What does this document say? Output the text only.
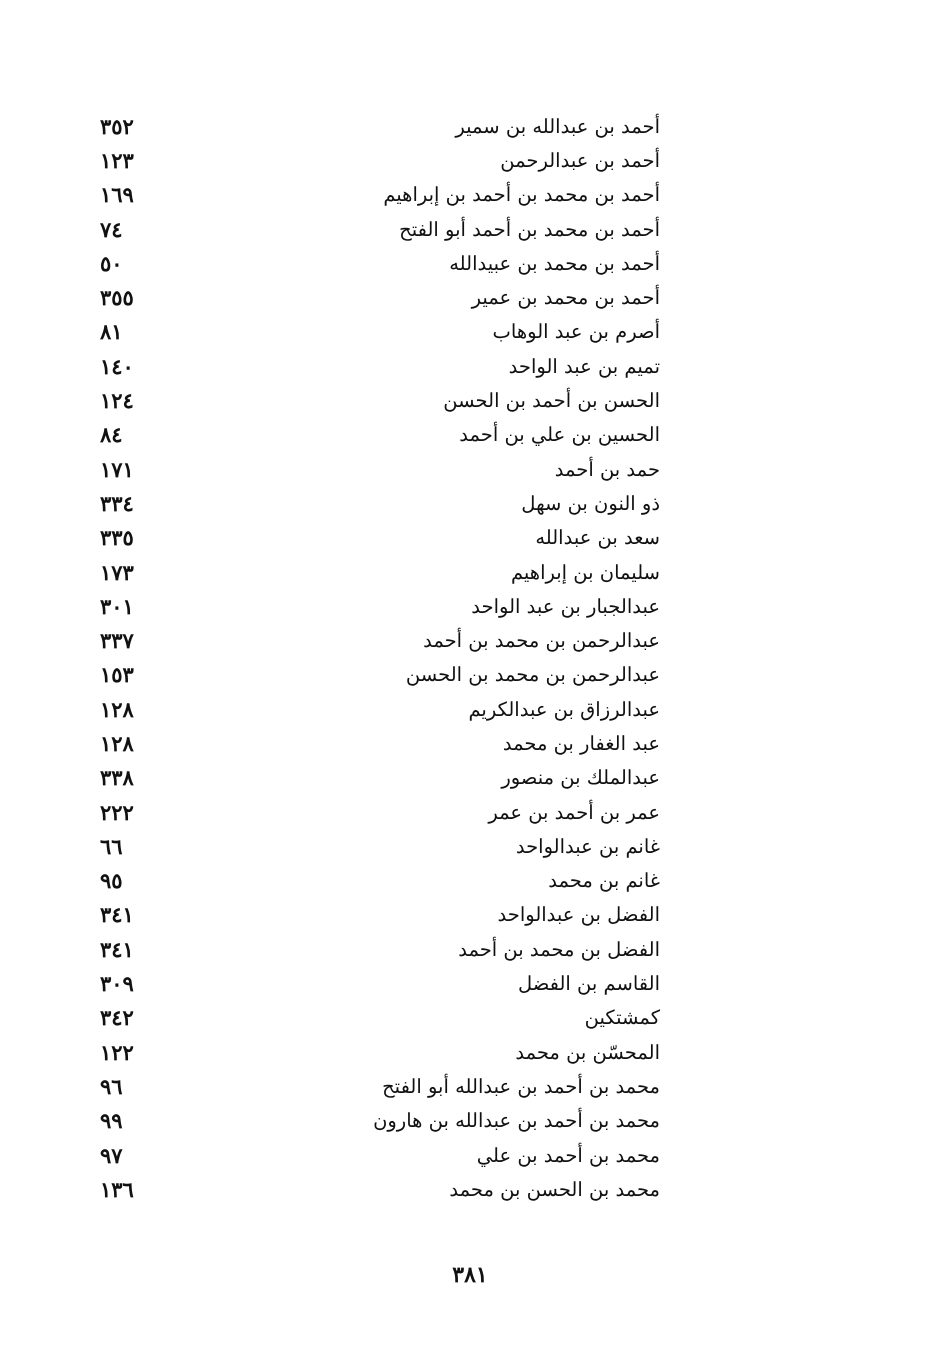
٣٥٢	أحمد بن عبدالله بن سمير
١٢٣	أحمد بن عبدالرحمن
١٦٩	أحمد بن محمد بن أحمد بن إبراهيم
٧٤	أحمد بن محمد بن أحمد أبو الفتح
٥٠	أحمد بن محمد بن عبيدالله
٣٥٥	أحمد بن محمد بن عمير
٨١	أصرم بن عبد الوهاب
١٤٠	تميم بن عبد الواحد
١٢٤	الحسن بن أحمد بن الحسن
٨٤	الحسين بن علي بن أحمد
١٧١	حمد بن أحمد
٣٣٤	ذو النون بن سهل
٣٣٥	سعد بن عبدالله
١٧٣	سليمان بن إبراهيم
٣٠١	عبدالجبار بن عبد الواحد
٣٣٧	عبدالرحمن بن محمد بن أحمد
١٥٣	عبدالرحمن بن محمد بن الحسن
١٢٨	عبدالرزاق بن عبدالكريم
١٢٨	عبد الغفار بن محمد
٣٣٨	عبدالملك بن منصور
٢٢٢	عمر بن أحمد بن عمر
٦٦	غانم بن عبدالواحد
٩٥	غانم بن محمد
٣٤١	الفضل بن عبدالواحد
٣٤١	الفضل بن محمد بن أحمد
٣٠٩	القاسم بن الفضل
٣٤٢	كمشتكين
١٢٢	المحسّن بن محمد
٩٦	محمد بن أحمد بن عبدالله أبو الفتح
٩٩	محمد بن أحمد بن عبدالله بن هارون
٩٧	محمد بن أحمد بن علي
١٣٦	محمد بن الحسن بن محمد
٣٨١
